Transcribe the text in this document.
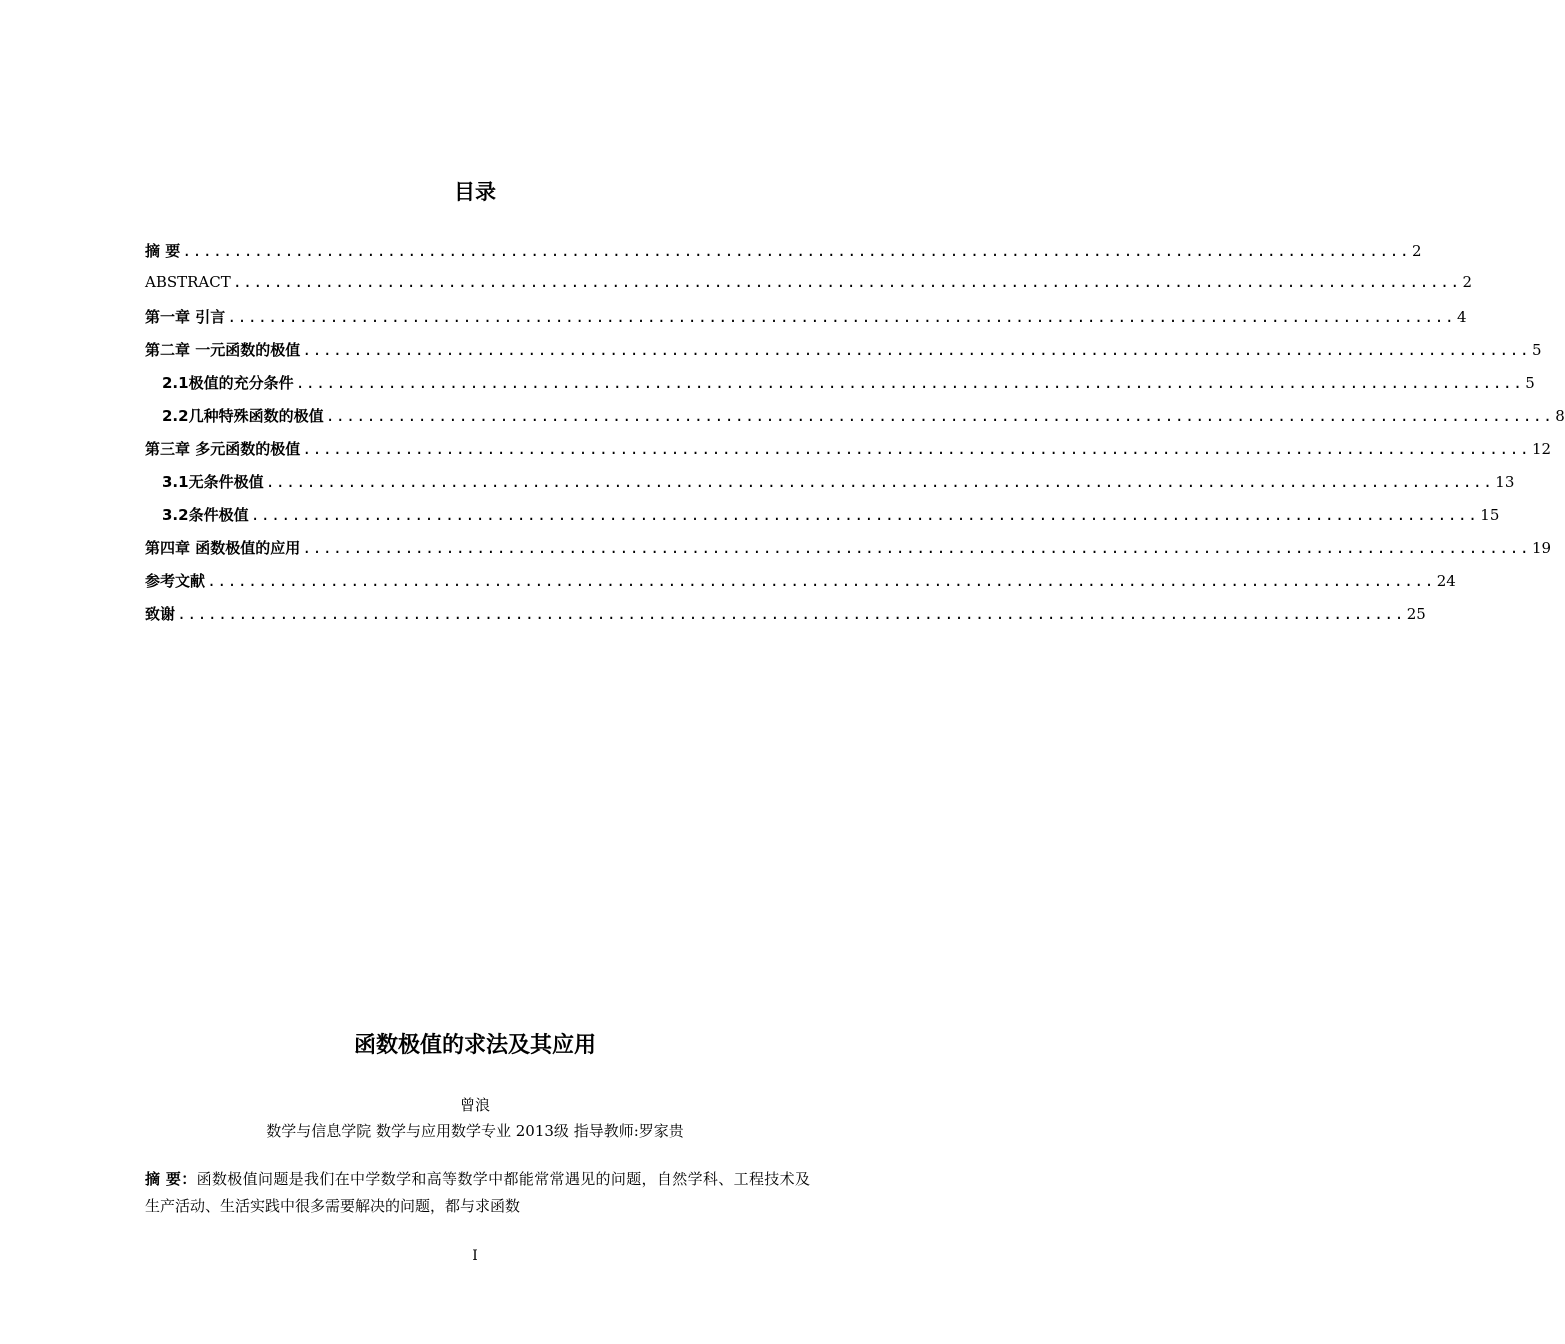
目录
摘 要 ........................................................................................................................ 2
ABSTRACT ........................................................................................................................ 2
第一章 引言 ........................................................................................................................ 4
第二章 一元函数的极值 ........................................................................................................................ 5
2.1极值的充分条件 ........................................................................................................................ 5
2.2几种特殊函数的极值 ........................................................................................................................ 8
第三章 多元函数的极值 ........................................................................................................................ 12
3.1无条件极值 ........................................................................................................................ 13
3.2条件极值 ........................................................................................................................ 15
第四章 函数极值的应用 ........................................................................................................................ 19
参考文献 ........................................................................................................................ 24
致谢 ........................................................................................................................ 25
函数极值的求法及其应用
曾浪
数学与信息学院 数学与应用数学专业 2013级 指导教师:罗家贵
摘 要：函数极值问题是我们在中学数学和高等数学中都能常常遇见的问题，自然学科、工程技术及生产活动、生活实践中很多需要解决的问题，都与求函数
I
